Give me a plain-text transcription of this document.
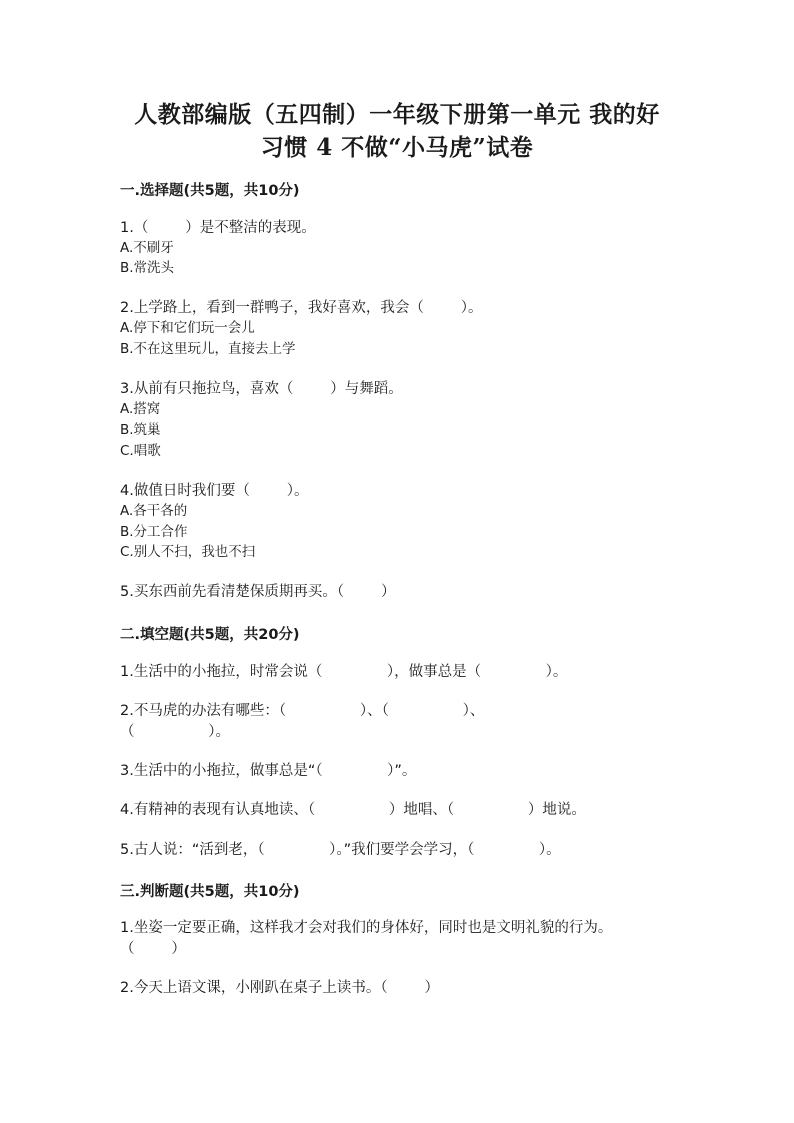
人教部编版（五四制）一年级下册第一单元 我的好
习惯 4 不做“小马虎”试卷
一.选择题(共5题，共10分)
1.（        ）是不整洁的表现。
A.不刷牙
B.常洗头
2.上学路上，看到一群鸭子，我好喜欢，我会（        ）。
A.停下和它们玩一会儿
B.不在这里玩儿，直接去上学
3.从前有只拖拉鸟，喜欢（        ）与舞蹈。
A.搭窝
B.筑巢
C.唱歌
4.做值日时我们要（        ）。
A.各干各的
B.分工合作
C.别人不扫，我也不扫
5.买东西前先看清楚保质期再买。（        ）
二.填空题(共5题，共20分)
1.生活中的小拖拉，时常会说（              ），做事总是（              ）。
2.不马虎的办法有哪些：（                ）、（                ）、
（                ）。
3.生活中的小拖拉，做事总是“（              ）”。
4.有精神的表现有认真地读、（                ）地唱、（                ）地说。
5.古人说：“活到老，（              ）。”我们要学会学习，（              ）。
三.判断题(共5题，共10分)
1.坐姿一定要正确，这样我才会对我们的身体好，同时也是文明礼貌的行为。
（        ）
2.今天上语文课，小刚趴在桌子上读书。（        ）
